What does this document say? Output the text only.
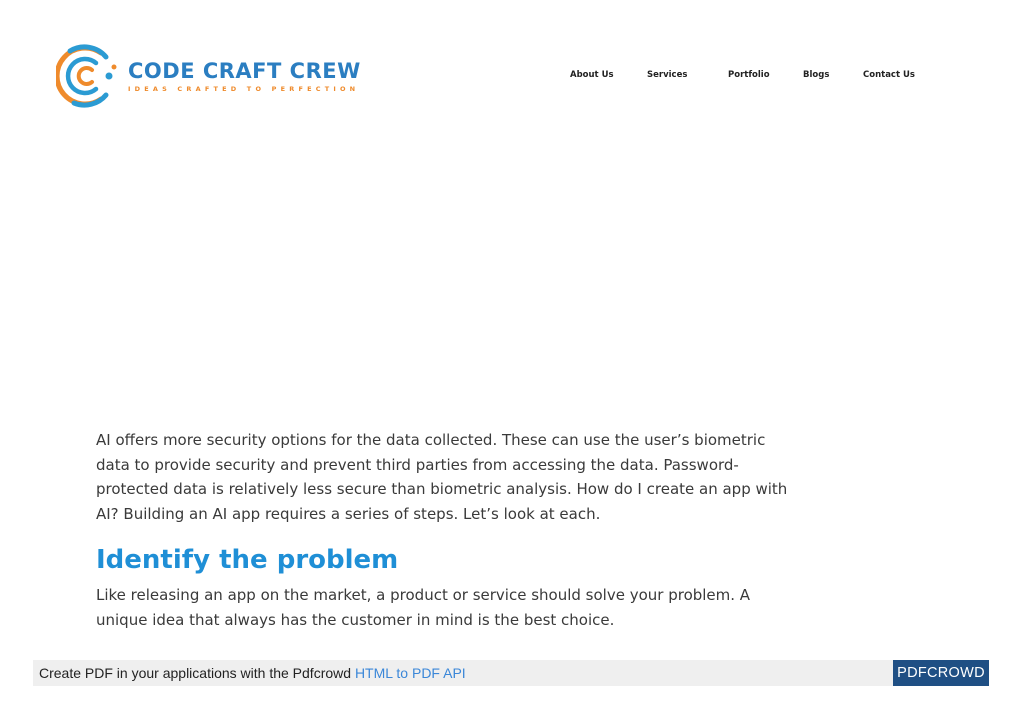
CODE CRAFT CREW
IDEAS CRAFTED TO PERFECTION
About Us	Services	Portfolio	Blogs	Contact Us

AI offers more security options for the data collected. These can use the user’s biometric data to provide security and prevent third parties from accessing the data. Password-protected data is relatively less secure than biometric analysis. How do I create an app with AI? Building an AI app requires a series of steps. Let’s look at each.

Identify the problem

Like releasing an app on the market, a product or service should solve your problem. A unique idea that always has the customer in mind is the best choice.

Create PDF in your applications with the Pdfcrowd HTML to PDF API	PDFCROWD
